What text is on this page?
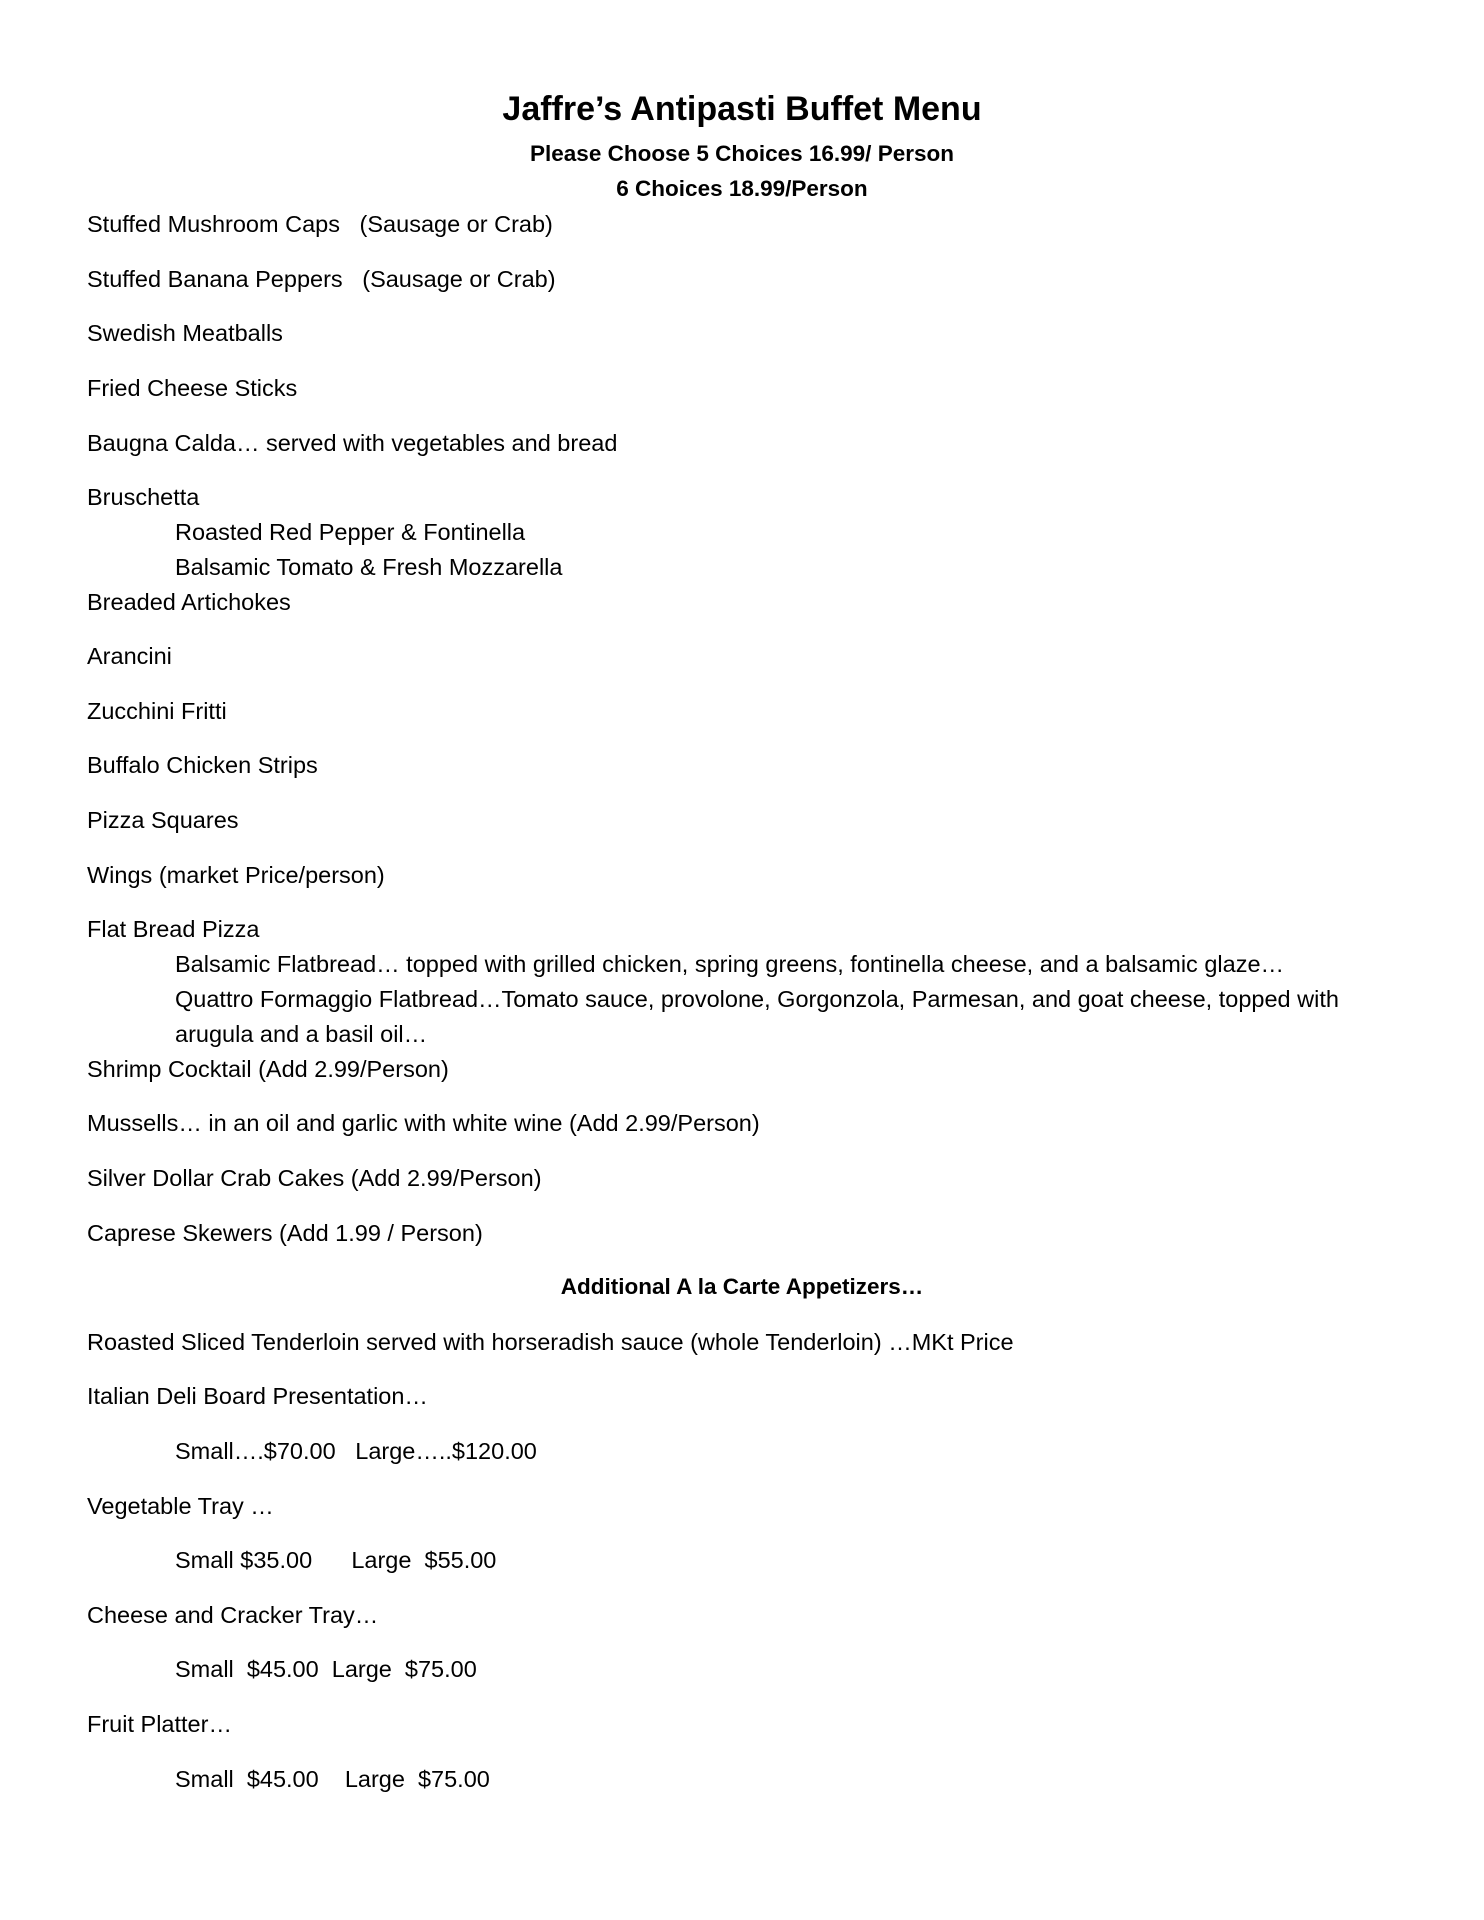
Jaffre’s Antipasti Buffet Menu
Please Choose 5 Choices 16.99/ Person
6 Choices 18.99/Person
Stuffed Mushroom Caps   (Sausage or Crab)
Stuffed Banana Peppers   (Sausage or Crab)
Swedish Meatballs
Fried Cheese Sticks
Baugna Calda… served with vegetables and bread
Bruschetta
Roasted Red Pepper & Fontinella
Balsamic Tomato & Fresh Mozzarella
Breaded Artichokes
Arancini
Zucchini Fritti
Buffalo Chicken Strips
Pizza Squares
Wings (market Price/person)
Flat Bread Pizza
Balsamic Flatbread… topped with grilled chicken, spring greens, fontinella cheese, and a balsamic glaze…
Quattro Formaggio Flatbread…Tomato sauce, provolone, Gorgonzola, Parmesan, and goat cheese, topped with
arugula and a basil oil…
Shrimp Cocktail (Add 2.99/Person)
Mussells… in an oil and garlic with white wine (Add 2.99/Person)
Silver Dollar Crab Cakes (Add 2.99/Person)
Caprese Skewers (Add 1.99 / Person)
Additional A la Carte Appetizers…
Roasted Sliced Tenderloin served with horseradish sauce (whole Tenderloin) …MKt Price
Italian Deli Board Presentation…
Small….$70.00   Large…..$120.00
Vegetable Tray …
Small $35.00      Large  $55.00
Cheese and Cracker Tray…
Small  $45.00  Large  $75.00
Fruit Platter…
Small  $45.00    Large  $75.00
